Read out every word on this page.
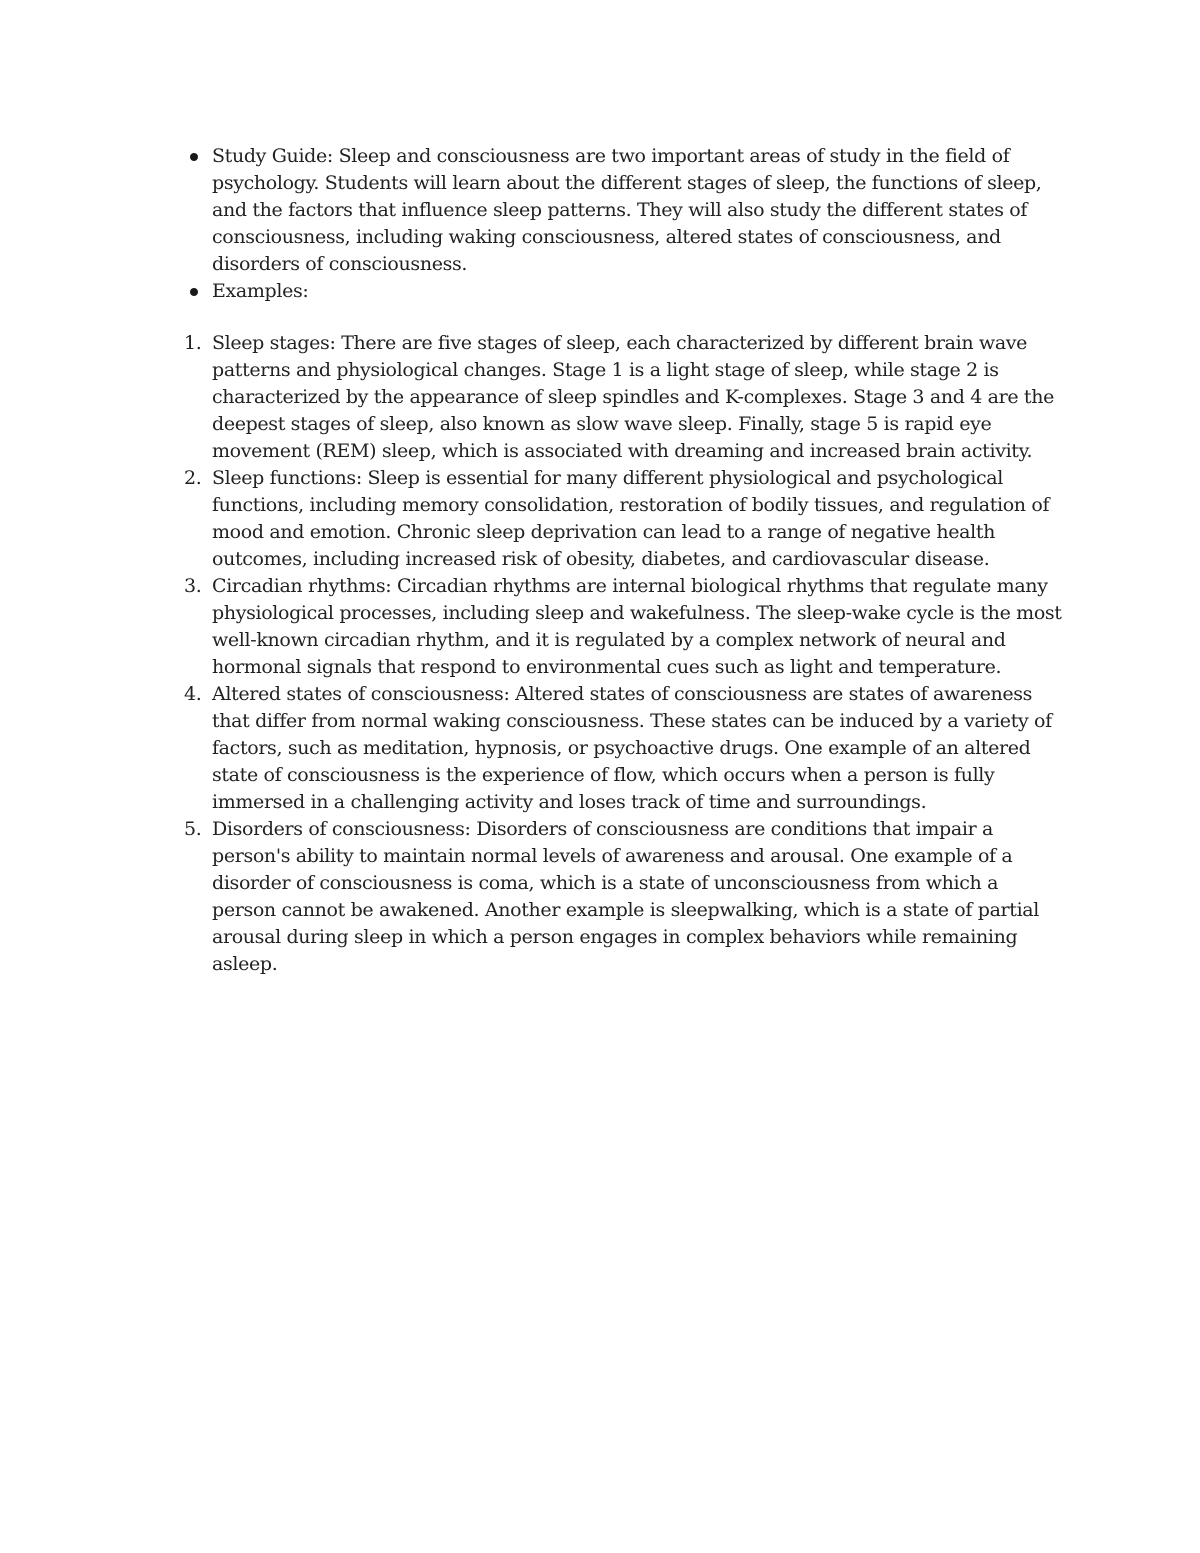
Study Guide: Sleep and consciousness are two important areas of study in the field of psychology. Students will learn about the different stages of sleep, the functions of sleep, and the factors that influence sleep patterns. They will also study the different states of consciousness, including waking consciousness, altered states of consciousness, and disorders of consciousness.
Examples:
1. Sleep stages: There are five stages of sleep, each characterized by different brain wave patterns and physiological changes. Stage 1 is a light stage of sleep, while stage 2 is characterized by the appearance of sleep spindles and K-complexes. Stage 3 and 4 are the deepest stages of sleep, also known as slow wave sleep. Finally, stage 5 is rapid eye movement (REM) sleep, which is associated with dreaming and increased brain activity.
2. Sleep functions: Sleep is essential for many different physiological and psychological functions, including memory consolidation, restoration of bodily tissues, and regulation of mood and emotion. Chronic sleep deprivation can lead to a range of negative health outcomes, including increased risk of obesity, diabetes, and cardiovascular disease.
3. Circadian rhythms: Circadian rhythms are internal biological rhythms that regulate many physiological processes, including sleep and wakefulness. The sleep-wake cycle is the most well-known circadian rhythm, and it is regulated by a complex network of neural and hormonal signals that respond to environmental cues such as light and temperature.
4. Altered states of consciousness: Altered states of consciousness are states of awareness that differ from normal waking consciousness. These states can be induced by a variety of factors, such as meditation, hypnosis, or psychoactive drugs. One example of an altered state of consciousness is the experience of flow, which occurs when a person is fully immersed in a challenging activity and loses track of time and surroundings.
5. Disorders of consciousness: Disorders of consciousness are conditions that impair a person's ability to maintain normal levels of awareness and arousal. One example of a disorder of consciousness is coma, which is a state of unconsciousness from which a person cannot be awakened. Another example is sleepwalking, which is a state of partial arousal during sleep in which a person engages in complex behaviors while remaining asleep.
